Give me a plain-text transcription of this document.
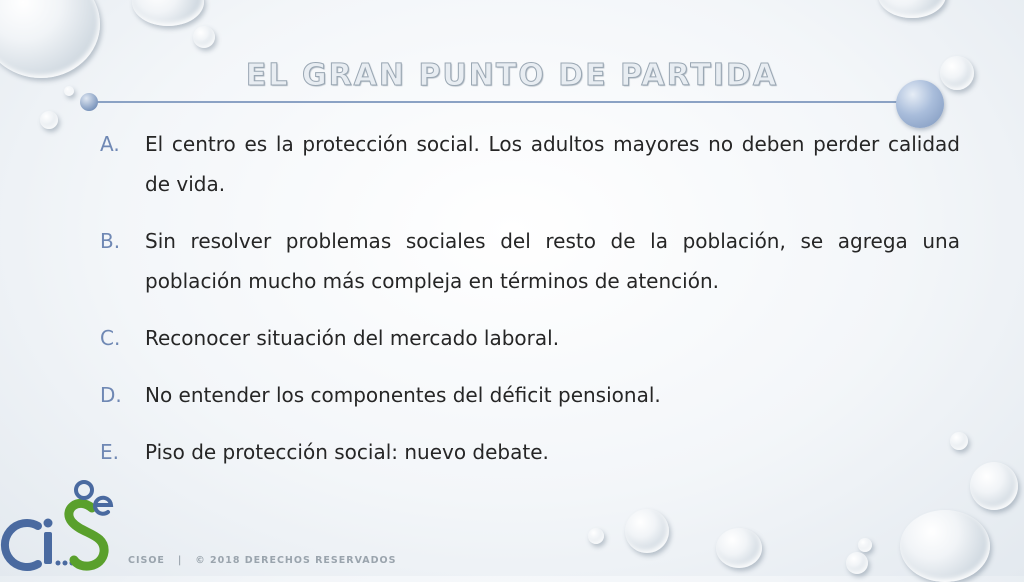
EL GRAN PUNTO DE PARTIDA
A. El centro es la protección social. Los adultos mayores no deben perder calidad de vida.
B. Sin resolver problemas sociales del resto de la población, se agrega una población mucho más compleja en términos de atención.
C. Reconocer situación del mercado laboral.
D. No entender los componentes del déficit pensional.
E. Piso de protección social: nuevo debate.
CISOE   |   © 2018 DERECHOS RESERVADOS
